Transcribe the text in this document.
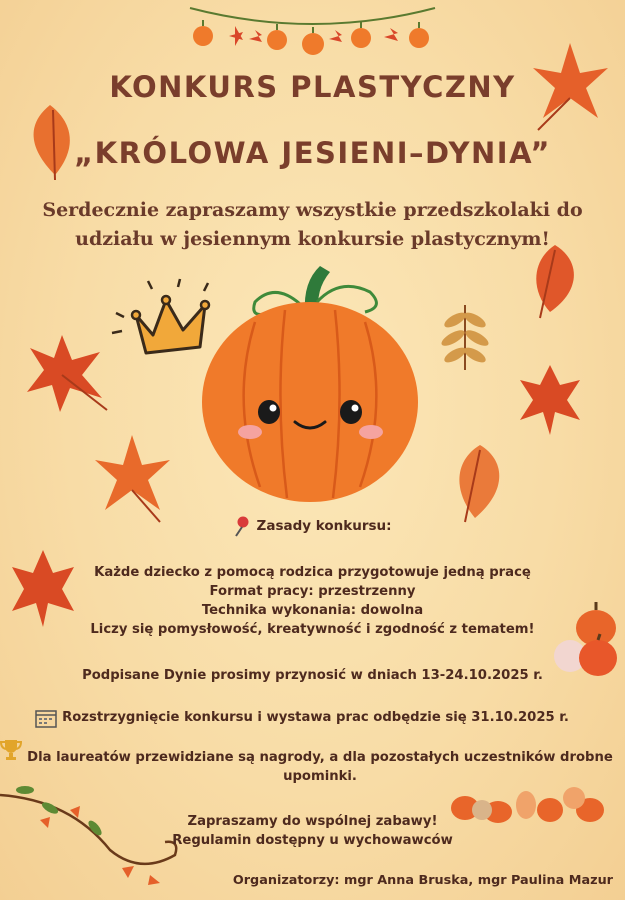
KONKURS PLASTYCZNY
„KRÓLOWA JESIENI–DYNIA”
Serdecznie zapraszamy wszystkie przedszkolaki do
udziału w jesiennym konkursie plastycznym!
Zasady konkursu:
Każde dziecko z pomocą rodzica przygotowuje jedną pracę
Format pracy: przestrzenny
Technika wykonania: dowolna
Liczy się pomysłowość, kreatywność i zgodność z tematem!
Podpisane Dynie prosimy przynosić w dniach 13-24.10.2025 r.
Rozstrzygnięcie konkursu i wystawa prac odbędzie się 31.10.2025 r.
Dla laureatów przewidziane są nagrody, a dla pozostałych uczestników drobne
upominki.
Zapraszamy do wspólnej zabawy!
Regulamin dostępny u wychowawców
Organizatorzy: mgr Anna Bruska, mgr Paulina Mazur
